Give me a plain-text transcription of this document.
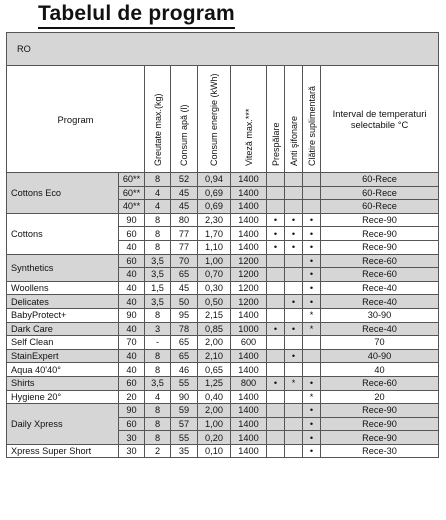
Tabelul de program
RO									
Program		Greutate max.(kg)	Consum apă (l)	Consum energie (kWh)	Viteză max.***	Prespălare	Anti şifonare	Clătire suplimentară	Interval de temperaturi selectabile °C
Cottons Eco	60**	8	52	0,94	1400				60-Rece
	60**	4	45	0,69	1400				60-Rece
	40**	4	45	0,69	1400				60-Rece
Cottons	90	8	80	2,30	1400	•	•	•	Rece-90
	60	8	77	1,70	1400	•	•	•	Rece-90
	40	8	77	1,10	1400	•	•	•	Rece-90
Synthetics	60	3,5	70	1,00	1200			•	Rece-60
	40	3,5	65	0,70	1200			•	Rece-60
Woollens	40	1,5	45	0,30	1200			•	Rece-40
Delicates	40	3,5	50	0,50	1200		•	•	Rece-40
BabyProtect+	90	8	95	2,15	1400			*	30-90
Dark Care	40	3	78	0,85	1000	•	•	*	Rece-40
Self Clean	70	-	65	2,00	600				70
StainExpert	40	8	65	2,10	1400		•		40-90
Aqua 40'40°	40	8	46	0,65	1400				40
Shirts	60	3,5	55	1,25	800	•	*	•	Rece-60
Hygiene 20°	20	4	90	0,40	1400			*	20
Daily Xpress	90	8	59	2,00	1400			•	Rece-90
	60	8	57	1,00	1400			•	Rece-90
	30	8	55	0,20	1400			•	Rece-90
Xpress Super Short	30	2	35	0,10	1400			•	Rece-30
